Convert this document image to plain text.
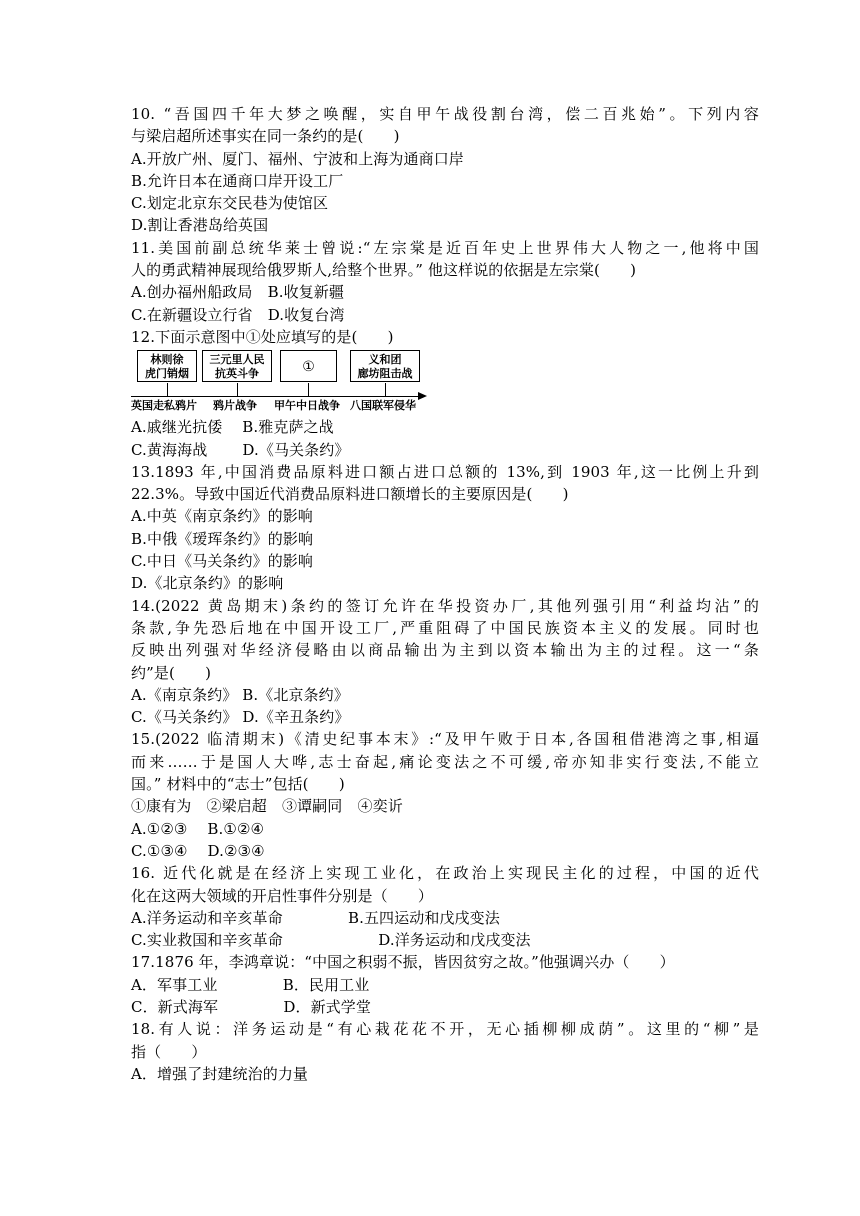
10. “吾国四千年大梦之唤醒，实自甲午战役割台湾，偿二百兆始”。下列内容
与梁启超所述事实在同一条约的是(　　)
A.开放广州、厦门、福州、宁波和上海为通商口岸
B.允许日本在通商口岸开设工厂
C.划定北京东交民巷为使馆区
D.割让香港岛给英国
11.美国前副总统华莱士曾说:“左宗棠是近百年史上世界伟大人物之一,他将中国
人的勇武精神展现给俄罗斯人,给整个世界。” 他这样说的依据是左宗棠(　　)
A.创办福州船政局　B.收复新疆
C.在新疆设立行省　D.收复台湾
12.下面示意图中①处应填写的是(　　)
林则徐
虎门销烟
三元里人民
抗英斗争	①	义和团
廊坊阻击战
英国走私鸦片 鸦片战争 甲午中日战争 八国联军侵华
A.戚继光抗倭　 B.雅克萨之战
C.黄海海战　　 D.《马关条约》
13.1893 年,中国消费品原料进口额占进口总额的 13%,到 1903 年,这一比例上升到
22.3%。导致中国近代消费品原料进口额增长的主要原因是(　　)
A.中英《南京条约》的影响
B.中俄《瑷珲条约》的影响
C.中日《马关条约》的影响
D.《北京条约》的影响
14.(2022 黄岛期末)条约的签订允许在华投资办厂,其他列强引用“利益均沾”的
条款,争先恐后地在中国开设工厂,严重阻碍了中国民族资本主义的发展。同时也
反映出列强对华经济侵略由以商品输出为主到以资本输出为主的过程。这一“条
约”是(　　)
A.《南京条约》 B.《北京条约》
C.《马关条约》 D.《辛丑条约》
15.(2022 临清期末)《清史纪事本末》:“及甲午败于日本,各国租借港湾之事,相逼
而来……于是国人大哗,志士奋起,痛论变法之不可缓,帝亦知非实行变法,不能立
国。” 材料中的“志士”包括(　　)
①康有为　②梁启超　③谭嗣同　④奕䜣
A.①②③　 B.①②④
C.①③④　 D.②③④
16. 近代化就是在经济上实现工业化，在政治上实现民主化的过程，中国的近代
化在这两大领域的开启性事件分别是（　　）
A.洋务运动和辛亥革命　　　　 B.五四运动和戊戌变法
C.实业救国和辛亥革命　　　　　　 D.洋务运动和戊戌变法
17.1876 年，李鸿章说：“中国之积弱不振，皆因贫穷之故。”他强调兴办（　　）
A．军事工业　　　　 B．民用工业
C．新式海军　　　　 D．新式学堂
18.有人说：洋务运动是“有心栽花花不开，无心插柳柳成荫”。这里的“柳”是
指（　　）
A．增强了封建统治的力量
